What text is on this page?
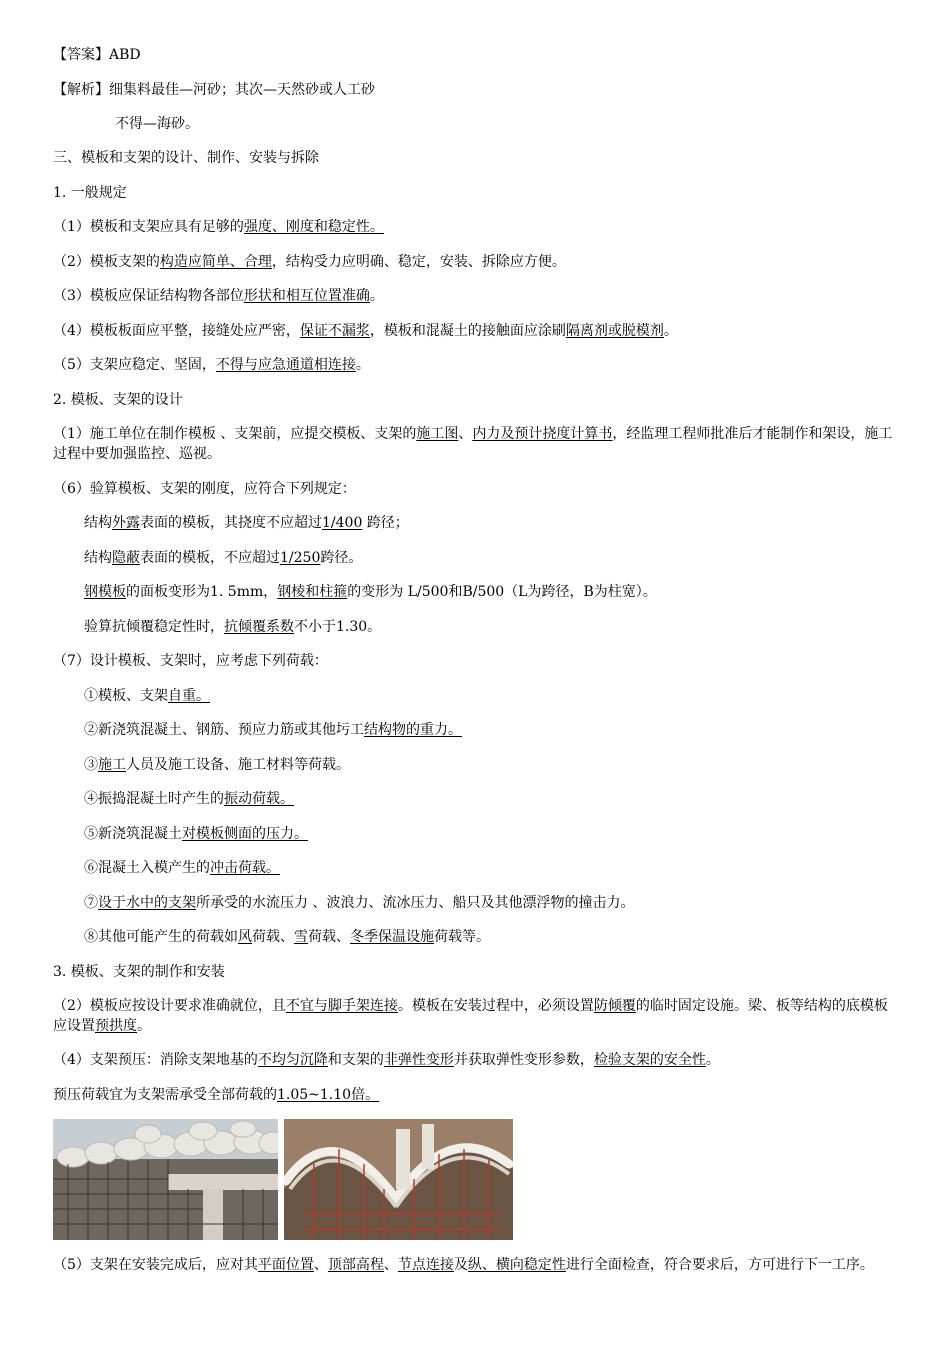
【答案】ABD
【解析】细集料最佳—河砂；其次—天然砂或人工砂
不得—海砂。
三、模板和支架的设计、制作、安装与拆除
1. 一般规定
（1）模板和支架应具有足够的强度、刚度和稳定性。
（2）模板支架的构造应简单、合理，结构受力应明确、稳定，安装、拆除应方便。
（3）模板应保证结构物各部位形状和相互位置准确。
（4）模板板面应平整，接缝处应严密，保证不漏浆，模板和混凝土的接触面应涂刷隔离剂或脱模剂。
（5）支架应稳定、坚固，不得与应急通道相连接。
2. 模板、支架的设计
（1）施工单位在制作模板 、支架前，应提交模板、支架的施工图、内力及预计挠度计算书，经监理工程师批准后才能制作和架设，施工过程中要加强监控、巡视。
（6）验算模板、支架的刚度，应符合下列规定：
结构外露表面的模板，其挠度不应超过1/400 跨径；
结构隐蔽表面的模板，不应超过1/250跨径。
钢模板的面板变形为1. 5mm，钢棱和柱箍的变形为 L/500和B/500（L为跨径，B为柱宽）。
验算抗倾覆稳定性时，抗倾覆系数不小于1.30。
（7）设计模板、支架时，应考虑下列荷载：
①模板、支架自重。
②新浇筑混凝土、钢筋、预应力筋或其他圬工结构物的重力。
③施工人员及施工设备、施工材料等荷载。
④振捣混凝土时产生的振动荷载。
⑤新浇筑混凝土对模板侧面的压力。
⑥混凝土入模产生的冲击荷载。
⑦设于水中的支架所承受的水流压力 、波浪力、流冰压力、船只及其他漂浮物的撞击力。
⑧其他可能产生的荷载如风荷载、雪荷载、冬季保温设施荷载等。
3. 模板、支架的制作和安装
（2）模板应按设计要求准确就位，且不宜与脚手架连接。模板在安装过程中，必须设置防倾覆的临时固定设施。梁、板等结构的底模板应设置预拱度。
（4）支架预压：消除支架地基的不均匀沉降和支架的非弹性变形并获取弹性变形参数，检验支架的安全性。
预压荷载宜为支架需承受全部荷载的1.05~1.10倍。
（5）支架在安装完成后，应对其平面位置、顶部高程、节点连接及纵、横向稳定性进行全面检查，符合要求后，方可进行下一工序。
